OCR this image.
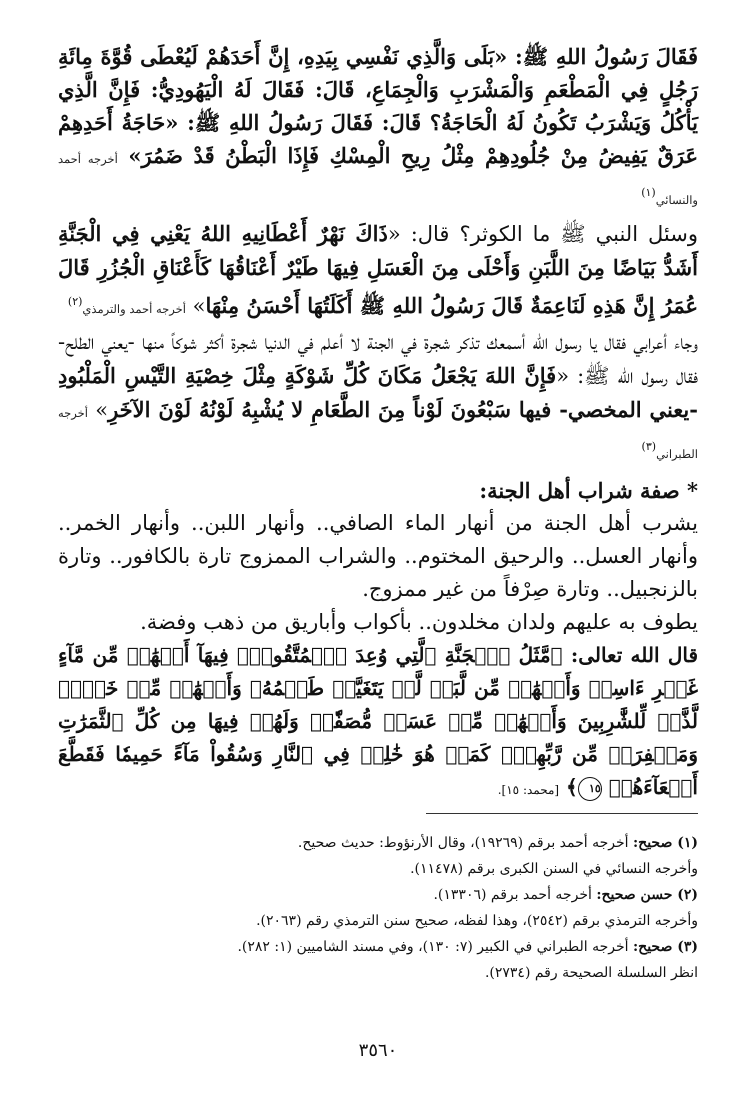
فَقَالَ رَسُولُ اللهِ ﷺ: «بَلَى وَالَّذِي نَفْسِي بِيَدِهِ، إِنَّ أَحَدَهُمْ لَيُعْطَى قُوَّةَ مِائَةِ رَجُلٍ فِي الْمَطْعَمِ وَالْمَشْرَبِ وَالْجِمَاعِ، قَالَ: فَقَالَ لَهُ الْيَهُودِيُّ: فَإِنَّ الَّذِي يَأْكُلُ وَيَشْرَبُ تَكُونُ لَهُ الْحَاجَةُ؟ قَالَ: فَقَالَ رَسُولُ اللهِ ﷺ: «حَاجَةُ أَحَدِهِمْ عَرَقٌ يَفِيضُ مِنْ جُلُودِهِمْ مِثْلُ رِيحِ الْمِسْكِ فَإِذَا الْبَطْنُ قَدْ ضَمُرَ» أخرجه أحمد والنسائي$^{(١)}$

وسئل النبي ﷺ ما الكوثر؟ قال: «ذَاكَ نَهْرٌ أَعْطَانِيهِ اللهُ يَعْنِي فِي الْجَنَّةِ أَشَدُّ بَيَاضًا مِنَ اللَّبَنِ وَأَحْلَى مِنَ الْعَسَلِ فِيهَا طَيْرٌ أَعْنَاقُهَا كَأَعْنَاقِ الْجُزُرِ قَالَ عُمَرُ إِنَّ هَذِهِ لَنَاعِمَةٌ قَالَ رَسُولُ اللهِ ﷺ أَكَلَتُهَا أَحْسَنُ مِنْهَا» أخرجه أحمد والترمذي$^{(٢)}$

وجاء أعرابي فقال يا رسول الله أسمعك تذكر شجرة في الجنة لا أعلم في الدنيا شجرة أكثر شوكاً منها -يعني الطلح- فقال رسول الله ﷺ: «فَإِنَّ اللهَ يَجْعَلُ مَكَانَ كُلِّ شَوْكَةٍ مِثْلَ خِصْيَةِ التَّيْسِ الْمَلْبُودِ -يعني المخصي- فيها سَبْعُونَ لَوْناً مِنَ الطَّعَامِ لا يُشْبِهُ لَوْنُهُ لَوْنَ الآخَرِ» أخرجه الطبراني$^{(٣)}$

* صفة شراب أهل الجنة:

يشرب أهل الجنة من أنهار الماء الصافي.. وأنهار اللبن.. وأنهار الخمر.. وأنهار العسل.. والرحيق المختوم.. والشراب الممزوج تارة بالكافور.. وتارة بالزنجبيل.. وتارة صِرْفاً من غير ممزوج.

يطوف به عليهم ولدان مخلدون.. بأكواب وأباريق من ذهب وفضة.

قال الله تعالى: ﴿مَّثَلُ ٱلۡجَنَّةِ ٱلَّتِي وُعِدَ ٱلۡمُتَّقُونَۖ فِيهَآ أَنۡهَٰرٞ مِّن مَّآءٍ غَيۡرِ ءَاسِنٖ وَأَنۡهَٰرٞ مِّن لَّبَنٖ لَّمۡ يَتَغَيَّرۡ طَعۡمُهُۥ وَأَنۡهَٰرٞ مِّنۡ خَمۡرٖ لَّذَّةٖ لِّلشَّٰرِبِينَ وَأَنۡهَٰرٞ مِّنۡ عَسَلٖ مُّصَفّٗىۖ وَلَهُمۡ فِيهَا مِن كُلِّ ٱلثَّمَرَٰتِ وَمَغۡفِرَةٞ مِّن رَّبِّهِمۡۖ كَمَنۡ هُوَ خَٰلِدٞ فِي ٱلنَّارِ وَسُقُواْ مَآءً حَمِيمٗا فَقَطَّعَ أَمۡعَآءَهُمۡ ١٥﴾ [محمد: ١٥].

(١) صحيح: أخرجه أحمد برقم (١٩٢٦٩)، وقال الأرنؤوط: حديث صحيح.

وأخرجه النسائي في السنن الكبرى برقم (١١٤٧٨).

(٢) حسن صحيح: أخرجه أحمد برقم (١٣٣٠٦).

وأخرجه الترمذي برقم (٢٥٤٢)، وهذا لفظه، صحيح سنن الترمذي رقم (٢٠٦٣).

(٣) صحيح: أخرجه الطبراني في الكبير (٧: ١٣٠)، وفي مسند الشاميين (١: ٢٨٢).

انظر السلسلة الصحيحة رقم (٢٧٣٤).

٣٥٦٠
